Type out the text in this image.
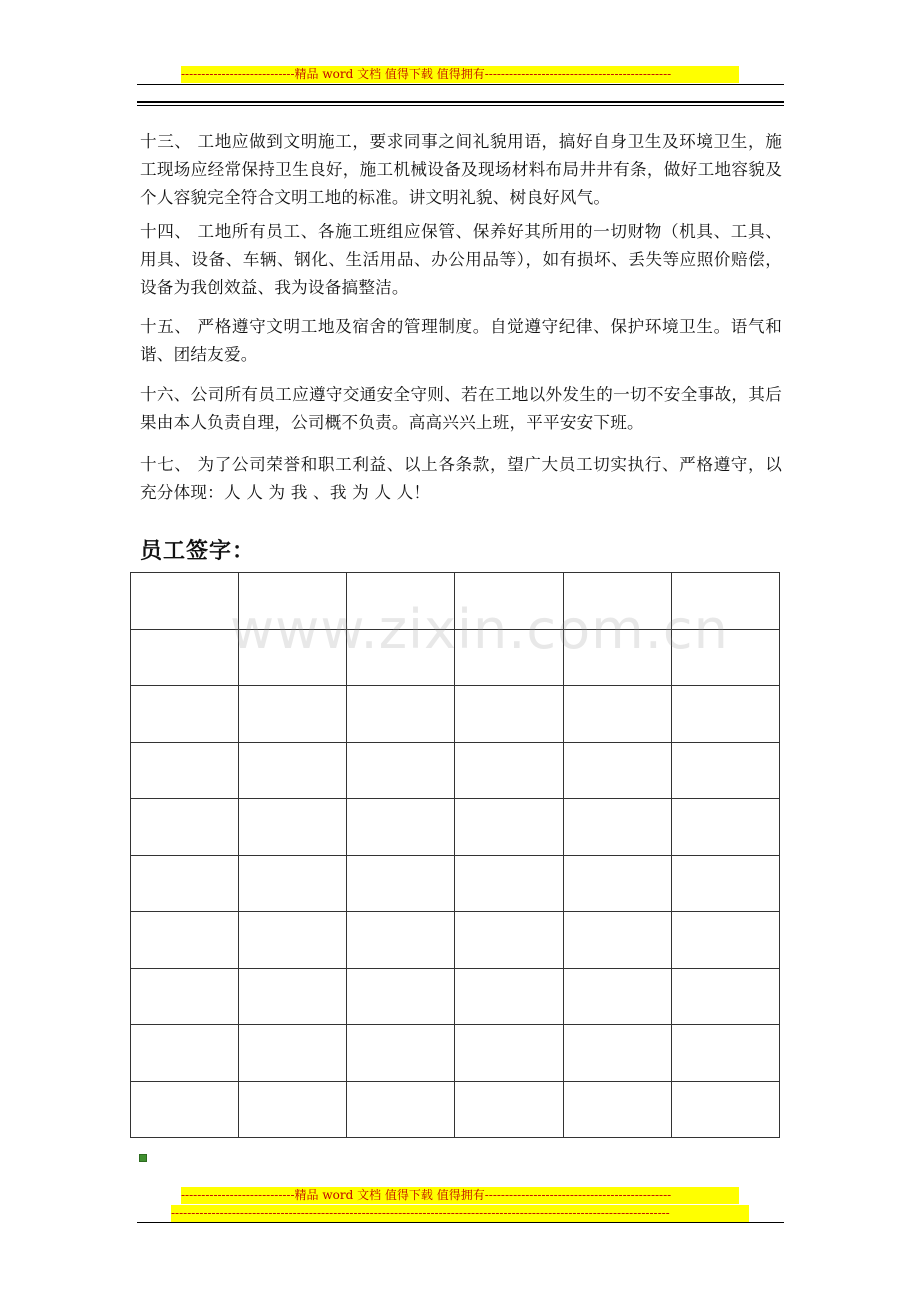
----------------------------精品 word 文档 值得下载 值得拥有----------------------------------------------
十三、 工地应做到文明施工，要求同事之间礼貌用语，搞好自身卫生及环境卫生，施工现场应经常保持卫生良好，施工机械设备及现场材料布局井井有条，做好工地容貌及个人容貌完全符合文明工地的标准。讲文明礼貌、树良好风气。
十四、 工地所有员工、各施工班组应保管、保养好其所用的一切财物（机具、工具、用具、设备、车辆、钢化、生活用品、办公用品等），如有损坏、丢失等应照价赔偿，设备为我创效益、我为设备搞整洁。
十五、 严格遵守文明工地及宿舍的管理制度。自觉遵守纪律、保护环境卫生。语气和谐、团结友爱。
十六、公司所有员工应遵守交通安全守则、若在工地以外发生的一切不安全事故，其后果由本人负责自理，公司概不负责。高高兴兴上班，平平安安下班。
十七、 为了公司荣誉和职工利益、以上各条款，望广大员工切实执行、严格遵守，以充分体现：人 人 为 我 、我 为 人 人！
员工签字：

www.zixin.com.cn
----------------------------精品 word 文档 值得下载 值得拥有----------------------------------------------
---------------------------------------------------------------------------------------------------------------------------
